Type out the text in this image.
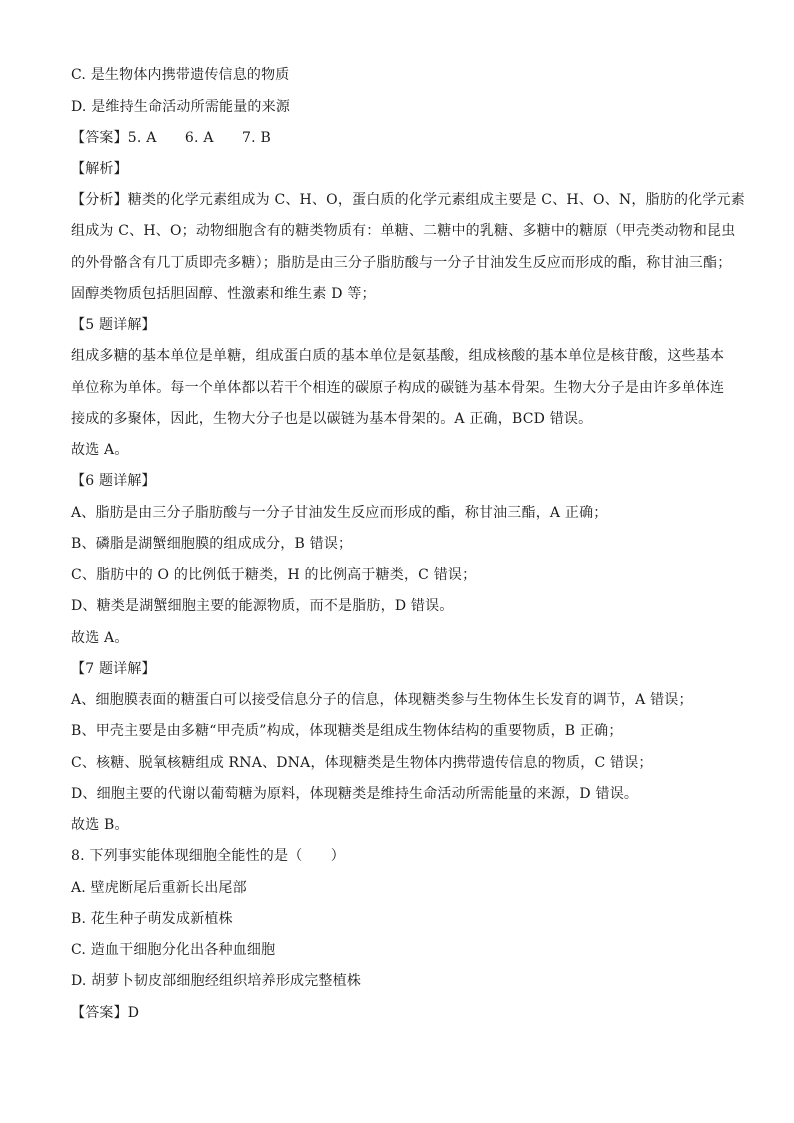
C. 是生物体内携带遗传信息的物质
D. 是维持生命活动所需能量的来源
【答案】5. A　　6. A　　7. B
【解析】
【分析】糖类的化学元素组成为 C、H、O，蛋白质的化学元素组成主要是 C、H、O、N，脂肪的化学元素
组成为 C、H、O；动物细胞含有的糖类物质有：单糖、二糖中的乳糖、多糖中的糖原（甲壳类动物和昆虫
的外骨骼含有几丁质即壳多糖）；脂肪是由三分子脂肪酸与一分子甘油发生反应而形成的酯，称甘油三酯；
固醇类物质包括胆固醇、性激素和维生素 D 等；
【5 题详解】
组成多糖的基本单位是单糖，组成蛋白质的基本单位是氨基酸，组成核酸的基本单位是核苷酸，这些基本
单位称为单体。每一个单体都以若干个相连的碳原子构成的碳链为基本骨架。生物大分子是由许多单体连
接成的多聚体，因此，生物大分子也是以碳链为基本骨架的。A 正确，BCD 错误。
故选 A。
【6 题详解】
A、脂肪是由三分子脂肪酸与一分子甘油发生反应而形成的酯，称甘油三酯，A 正确；
B、磷脂是湖蟹细胞膜的组成成分，B 错误；
C、脂肪中的 O 的比例低于糖类，H 的比例高于糖类，C 错误；
D、糖类是湖蟹细胞主要的能源物质，而不是脂肪，D 错误。
故选 A。
【7 题详解】
A、细胞膜表面的糖蛋白可以接受信息分子的信息，体现糖类参与生物体生长发育的调节，A 错误；
B、甲壳主要是由多糖“甲壳质”构成，体现糖类是组成生物体结构的重要物质，B 正确；
C、核糖、脱氧核糖组成 RNA、DNA，体现糖类是生物体内携带遗传信息的物质，C 错误；
D、细胞主要的代谢以葡萄糖为原料，体现糖类是维持生命活动所需能量的来源，D 错误。
故选 B。
8. 下列事实能体现细胞全能性的是（　　）
A. 壁虎断尾后重新长出尾部
B. 花生种子萌发成新植株
C. 造血干细胞分化出各种血细胞
D. 胡萝卜韧皮部细胞经组织培养形成完整植株
【答案】D
